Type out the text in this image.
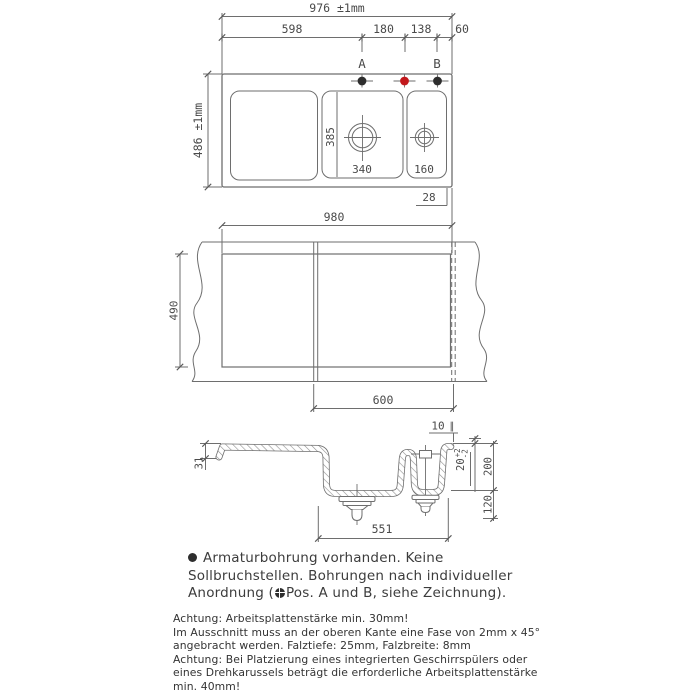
976 ±1mm
598	180 138 60
A	B
385
340	160
486 ±1mm
28
980
490
600
10 ∥
31	$20^{+2}-2$
200
120
551
Armaturbohrung vorhanden. Keine
Sollbruchstellen. Bohrungen nach individueller
Anordnung ( Pos. A und B, siehe Zeichnung).
Achtung: Arbeitsplattenstärke min. 30mm!
Im Ausschnitt muss an der oberen Kante eine Fase von 2mm x 45°
angebracht werden. Falztiefe: 25mm, Falzbreite: 8mm
Achtung: Bei Platzierung eines integrierten Geschirrspülers oder
eines Drehkarussels beträgt die erforderliche Arbeitsplattenstärke
min. 40mm!
